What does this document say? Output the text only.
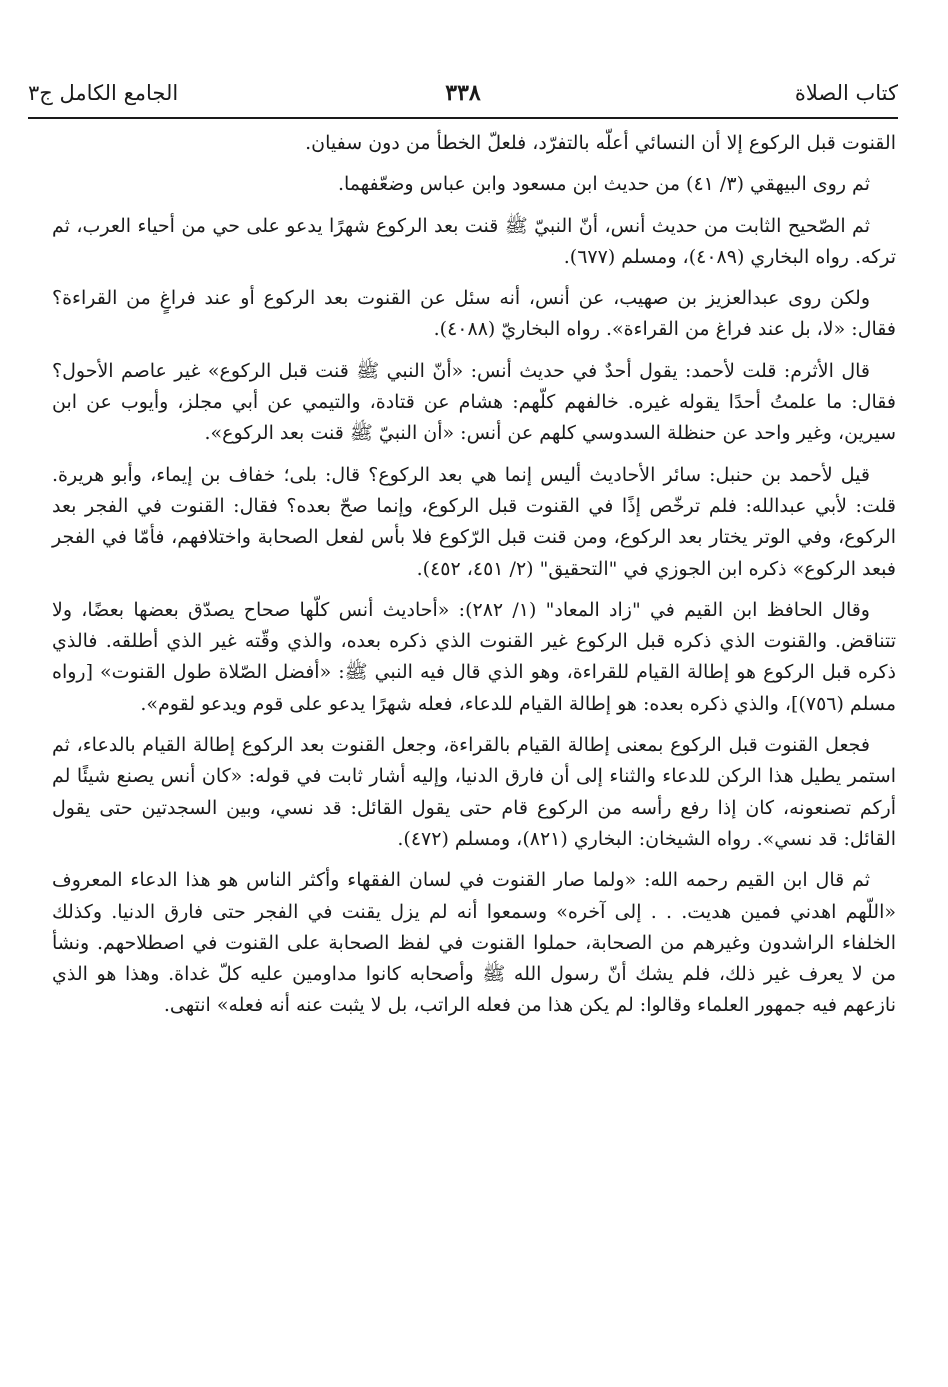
كتاب الصلاة
٣٣٨
الجامع الكامل ج٣

القنوت قبل الركوع إلا أن النسائي أعلّه بالتفرّد، فلعلّ الخطأ من دون سفيان.

ثم روى البيهقي (٣/ ٤١) من حديث ابن مسعود وابن عباس وضعّفهما.

ثم الصّحيح الثابت من حديث أنس، أنّ النبيّ ﷺ قنت بعد الركوع شهرًا يدعو على حي من أحياء العرب، ثم تركه. رواه البخاري (٤٠٨٩)، ومسلم (٦٧٧).

ولكن روى عبدالعزيز بن صهيب، عن أنس، أنه سئل عن القنوت بعد الركوع أو عند فراغٍ من القراءة؟ فقال: «لا، بل عند فراغ من القراءة». رواه البخاريّ (٤٠٨٨).

قال الأثرم: قلت لأحمد: يقول أحدٌ في حديث أنس: «أنّ النبي ﷺ قنت قبل الركوع» غير عاصم الأحول؟ فقال: ما علمتُ أحدًا يقوله غيره. خالفهم كلّهم: هشام عن قتادة، والتيمي عن أبي مجلز، وأيوب عن ابن سيرين، وغير واحد عن حنظلة السدوسي كلهم عن أنس: «أن النبيّ ﷺ قنت بعد الركوع».

قيل لأحمد بن حنبل: سائر الأحاديث أليس إنما هي بعد الركوع؟ قال: بلى؛ خفاف بن إيماء، وأبو هريرة. قلت: لأبي عبدالله: فلم ترخّص إذًا في القنوت قبل الركوع، وإنما صحّ بعده؟ فقال: القنوت في الفجر بعد الركوع، وفي الوتر يختار بعد الركوع، ومن قنت قبل الرّكوع فلا بأس لفعل الصحابة واختلافهم، فأمّا في الفجر فبعد الركوع» ذكره ابن الجوزي في "التحقيق" (٢/ ٤٥١، ٤٥٢).

وقال الحافظ ابن القيم في "زاد المعاد" (١/ ٢٨٢): «أحاديث أنس كلّها صحاح يصدّق بعضها بعضًا، ولا تتناقض. والقنوت الذي ذكره قبل الركوع غير القنوت الذي ذكره بعده، والذي وقّته غير الذي أطلقه. فالذي ذكره قبل الركوع هو إطالة القيام للقراءة، وهو الذي قال فيه النبي ﷺ: «أفضل الصّلاة طول القنوت» [رواه مسلم (٧٥٦)]، والذي ذكره بعده: هو إطالة القيام للدعاء، فعله شهرًا يدعو على قوم ويدعو لقوم».

فجعل القنوت قبل الركوع بمعنى إطالة القيام بالقراءة، وجعل القنوت بعد الركوع إطالة القيام بالدعاء، ثم استمر يطيل هذا الركن للدعاء والثناء إلى أن فارق الدنيا، وإليه أشار ثابت في قوله: «كان أنس يصنع شيئًا لم أركم تصنعونه، كان إذا رفع رأسه من الركوع قام حتى يقول القائل: قد نسي، وبين السجدتين حتى يقول القائل: قد نسي». رواه الشيخان: البخاري (٨٢١)، ومسلم (٤٧٢).

ثم قال ابن القيم رحمه الله: «ولما صار القنوت في لسان الفقهاء وأكثر الناس هو هذا الدعاء المعروف «اللّهم اهدني فمين هديت. . . إلى آخره» وسمعوا أنه لم يزل يقنت في الفجر حتى فارق الدنيا. وكذلك الخلفاء الراشدون وغيرهم من الصحابة، حملوا القنوت في لفظ الصحابة على القنوت في اصطلاحهم. ونشأ من لا يعرف غير ذلك، فلم يشك أنّ رسول الله ﷺ وأصحابه كانوا مداومين عليه كلّ غداة. وهذا هو الذي نازعهم فيه جمهور العلماء وقالوا: لم يكن هذا من فعله الراتب، بل لا يثبت عنه أنه فعله» انتهى.
